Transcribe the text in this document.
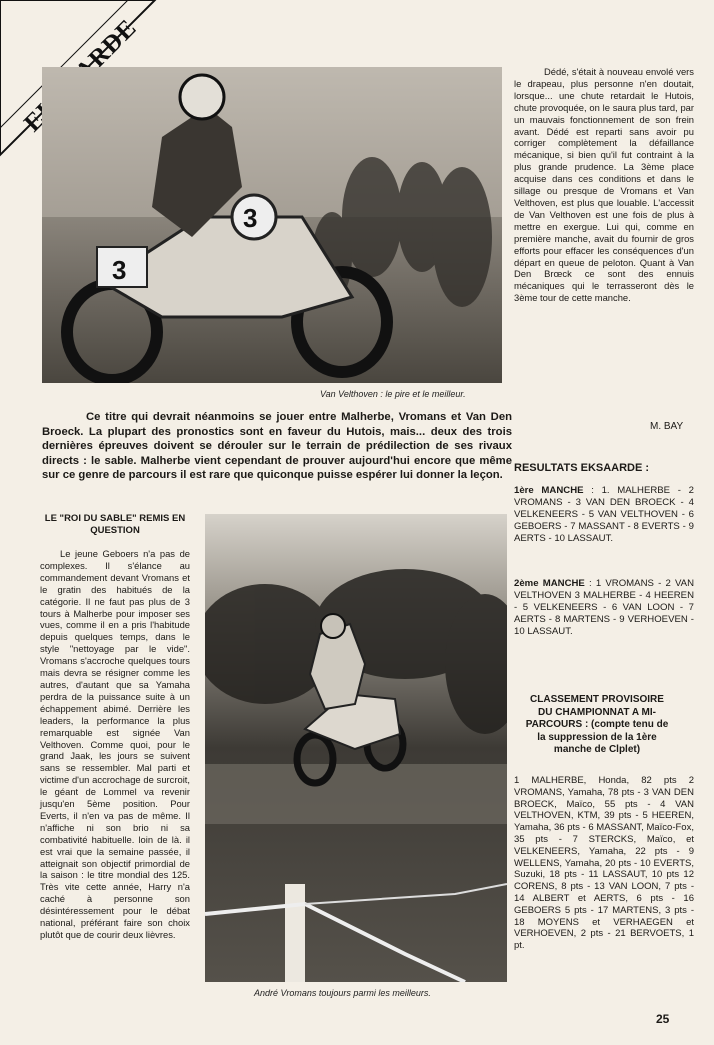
3
3
Van Velthoven : le pire et le meilleur.
Dédé, s'était à nouveau envolé vers le drapeau, plus personne n'en doutait, lorsque... une chute retardait le Hutois, chute provoquée, on le saura plus tard, par un mauvais fonctionnement de son frein avant. Dédé est reparti sans avoir pu corriger complètement la défaillance mécanique, si bien qu'il fut contraint à la plus grande prudence. La 3ème place acquise dans ces conditions et dans le sillage ou presque de Vromans et Van Velthoven, est plus que louable. L'accessit de Van Velthoven est une fois de plus à mettre en exergue. Lui qui, comme en première manche, avait du fournir de gros efforts pour effacer les conséquences d'un départ en queue de peloton. Quant à Van Den Brœck ce sont des ennuis mécaniques qui le terrasseront dès le 3ème tour de cette manche.
M. BAY
Ce titre qui devrait néanmoins se jouer entre Malherbe, Vromans et Van Den Broeck. La plupart des pronostics sont en faveur du Hutois, mais... deux des trois dernières épreuves doivent se dérouler sur le terrain de prédilection de ses rivaux directs : le sable. Malherbe vient cependant de prouver aujourd'hui encore que même sur ce genre de parcours il est rare que quiconque puisse espérer lui donner la leçon.
LE "ROI DU SABLE" REMIS EN QUESTION
Le jeune Geboers n'a pas de complexes. Il s'élance au commandement devant Vromans et le gratin des habitués de la catégorie. Il ne faut pas plus de 3 tours à Malherbe pour imposer ses vues, comme il en a pris l'habitude depuis quelques temps, dans le style "nettoyage par le vide". Vromans s'accroche quelques tours mais devra se résigner comme les autres, d'autant que sa Yamaha perdra de la puissance suite à un échappement abimé. Derrière les leaders, la performance la plus remarquable est signée Van Velthoven. Comme quoi, pour le grand Jaak, les jours se suivent sans se ressembler. Mal parti et victime d'un accrochage de surcroit, le géant de Lommel va revenir jusqu'en 5ème position. Pour Everts, il n'en va pas de même. Il n'affiche ni son brio ni sa combativité habituelle. loin de là. il est vrai que la semaine passée, il atteignait son objectif primordial de la saison : le titre mondial des 125. Très vite cette année, Harry n'a caché à personne son désintéressement pour le débat national, préférant faire son choix plutôt que de courir deux lièvres.
André Vromans toujours parmi les meilleurs.
RESULTATS EKSAARDE :
1ère MANCHE : 1. MALHERBE - 2 VROMANS - 3 VAN DEN BROECK - 4 VELKENEERS - 5 VAN VELTHOVEN - 6 GEBOERS - 7 MASSANT - 8 EVERTS - 9 AERTS - 10 LASSAUT.
2ème MANCHE : 1 VROMANS - 2 VAN VELTHOVEN 3 MALHERBE - 4 HEEREN - 5 VELKENEERS - 6 VAN LOON - 7 AERTS - 8 MARTENS - 9 VERHOEVEN - 10 LASSAUT.
CLASSEMENT PROVISOIRE DU CHAMPIONNAT A MI-PARCOURS : (compte tenu de la suppression de la 1ère manche de Clplet)
1 MALHERBE, Honda, 82 pts 2 VROMANS, Yamaha, 78 pts - 3 VAN DEN BROECK, Maïco, 55 pts - 4 VAN VELTHOVEN, KTM, 39 pts - 5 HEEREN, Yamaha, 36 pts - 6 MASSANT, Maïco-Fox, 35 pts - 7 STERCKS, Maïco, et VELKENEERS, Yamaha, 22 pts - 9 WELLENS, Yamaha, 20 pts - 10 EVERTS, Suzuki, 18 pts - 11 LASSAUT, 10 pts 12 CORENS, 8 pts - 13 VAN LOON, 7 pts - 14 ALBERT et AERTS, 6 pts - 16 GEBOERS 5 pts - 17 MARTENS, 3 pts - 18 MOYENS et VERHAEGEN et VERHOEVEN, 2 pts - 21 BERVOETS, 1 pt.
25
